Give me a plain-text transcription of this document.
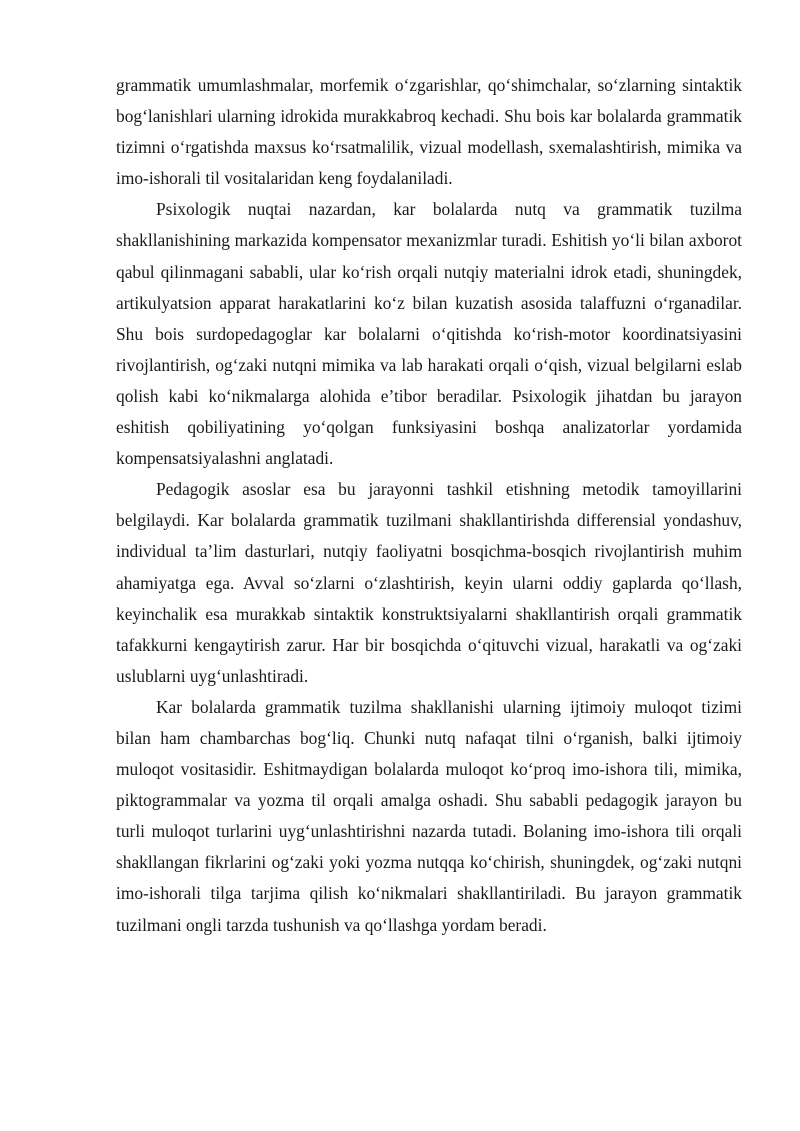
grammatik umumlashmalar, morfemik o‘zgarishlar, qo‘shimchalar, so‘zlarning sintaktik bog‘lanishlari ularning idrokida murakkabroq kechadi. Shu bois kar bolalarda grammatik tizimni o‘rgatishda maxsus ko‘rsatmalilik, vizual modellash, sxemalashtirish, mimika va imo-ishorali til vositalaridan keng foydalaniladi.

Psixologik nuqtai nazardan, kar bolalarda nutq va grammatik tuzilma shakllanishining markazida kompensator mexanizmlar turadi. Eshitish yo‘li bilan axborot qabul qilinmagani sababli, ular ko‘rish orqali nutqiy materialni idrok etadi, shuningdek, artikulyatsion apparat harakatlarini ko‘z bilan kuzatish asosida talaffuzni o‘rganadilar. Shu bois surdopedagoglar kar bolalarni o‘qitishda ko‘rish-motor koordinatsiyasini rivojlantirish, og‘zaki nutqni mimika va lab harakati orqali o‘qish, vizual belgilarni eslab qolish kabi ko‘nikmalarga alohida e’tibor beradilar. Psixologik jihatdan bu jarayon eshitish qobiliyatining yo‘qolgan funksiyasini boshqa analizatorlar yordamida kompensatsiyalashni anglatadi.

Pedagogik asoslar esa bu jarayonni tashkil etishning metodik tamoyillarini belgilaydi. Kar bolalarda grammatik tuzilmani shakllantirishda differensial yondashuv, individual ta’lim dasturlari, nutqiy faoliyatni bosqichma-bosqich rivojlantirish muhim ahamiyatga ega. Avval so‘zlarni o‘zlashtirish, keyin ularni oddiy gaplarda qo‘llash, keyinchalik esa murakkab sintaktik konstruktsiyalarni shakllantirish orqali grammatik tafakkurni kengaytirish zarur. Har bir bosqichda o‘qituvchi vizual, harakatli va og‘zaki uslublarni uyg‘unlashtiradi.

Kar bolalarda grammatik tuzilma shakllanishi ularning ijtimoiy muloqot tizimi bilan ham chambarchas bog‘liq. Chunki nutq nafaqat tilni o‘rganish, balki ijtimoiy muloqot vositasidir. Eshitmaydigan bolalarda muloqot ko‘proq imo-ishora tili, mimika, piktogrammalar va yozma til orqali amalga oshadi. Shu sababli pedagogik jarayon bu turli muloqot turlarini uyg‘unlashtirishni nazarda tutadi. Bolaning imo-ishora tili orqali shakllangan fikrlarini og‘zaki yoki yozma nutqqa ko‘chirish, shuningdek, og‘zaki nutqni imo-ishorali tilga tarjima qilish ko‘nikmalari shakllantiriladi. Bu jarayon grammatik tuzilmani ongli tarzda tushunish va qo‘llashga yordam beradi.
